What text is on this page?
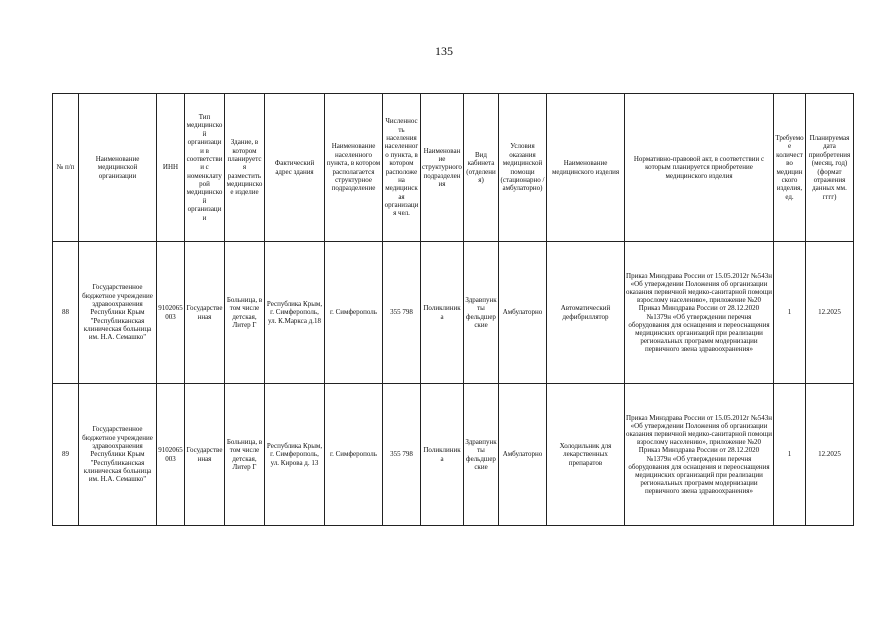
135
№ п/п	Наименование медицинской организации	ИНН	Тип медицинской организации в соответствии с номенклатурой медицинской организации	Здание, в котором планируется разместить медицинское изделие	Фактический адрес здания	Наименование населенного пункта, в котором располагается структурное подразделение	Численность населения населенного пункта, в котором расположена медицинская организация чел.	Наименование структурного подразделения	Вид кабинета (отделения)	Условия оказания медицинской помощи (стационарно / амбулаторно)	Наименование медицинского изделия	Нормативно-правовой акт, в соответствии с которым планируется приобретение медицинского изделия	Требуемое количество медицинского изделия, ед.	Планируемая дата приобретения (месяц, год) (формат отражения данных мм. гггг)
88	Государственное бюджетное учреждение здравоохранения Республики Крым "Республиканская клиническая больница им. Н.А. Семашко"	9102065003	Государственная	Больница, в том числе детская, Литер Г	Республика Крым, г. Симферополь, ул. К.Маркса д.18	г. Симферополь	355 798	Поликлиника	Здравпункты фельдшерские	Амбулаторно	Автоматический дефибриллятор	Приказ Минздрава России от 15.05.2012г №543н «Об утверждении Положения об организации оказания первичной медико-санитарной помощи взрослому населению», приложение №20 Приказ Минздрава России от 28.12.2020 №1379н «Об утверждении перечня оборудования для оснащения и переоснащения медицинских организаций при реализации региональных программ модернизации первичного звена здравоохранения»	1	12.2025
89	Государственное бюджетное учреждение здравоохранения Республики Крым "Республиканская клиническая больница им. Н.А. Семашко"	9102065003	Государственная	Больница, в том числе детская, Литер Г	Республика Крым, г. Симферополь, ул. Кирова д. 13	г. Симферополь	355 798	Поликлиника	Здравпункты фельдшерские	Амбулаторно	Холодильник для лекарственных препаратов	Приказ Минздрава России от 15.05.2012г №543н «Об утверждении Положения об организации оказания первичной медико-санитарной помощи взрослому населению», приложение №20 Приказ Минздрава России от 28.12.2020 №1379н «Об утверждении перечня оборудования для оснащения и переоснащения медицинских организаций при реализации региональных программ модернизации первичного звена здравоохранения»	1	12.2025
